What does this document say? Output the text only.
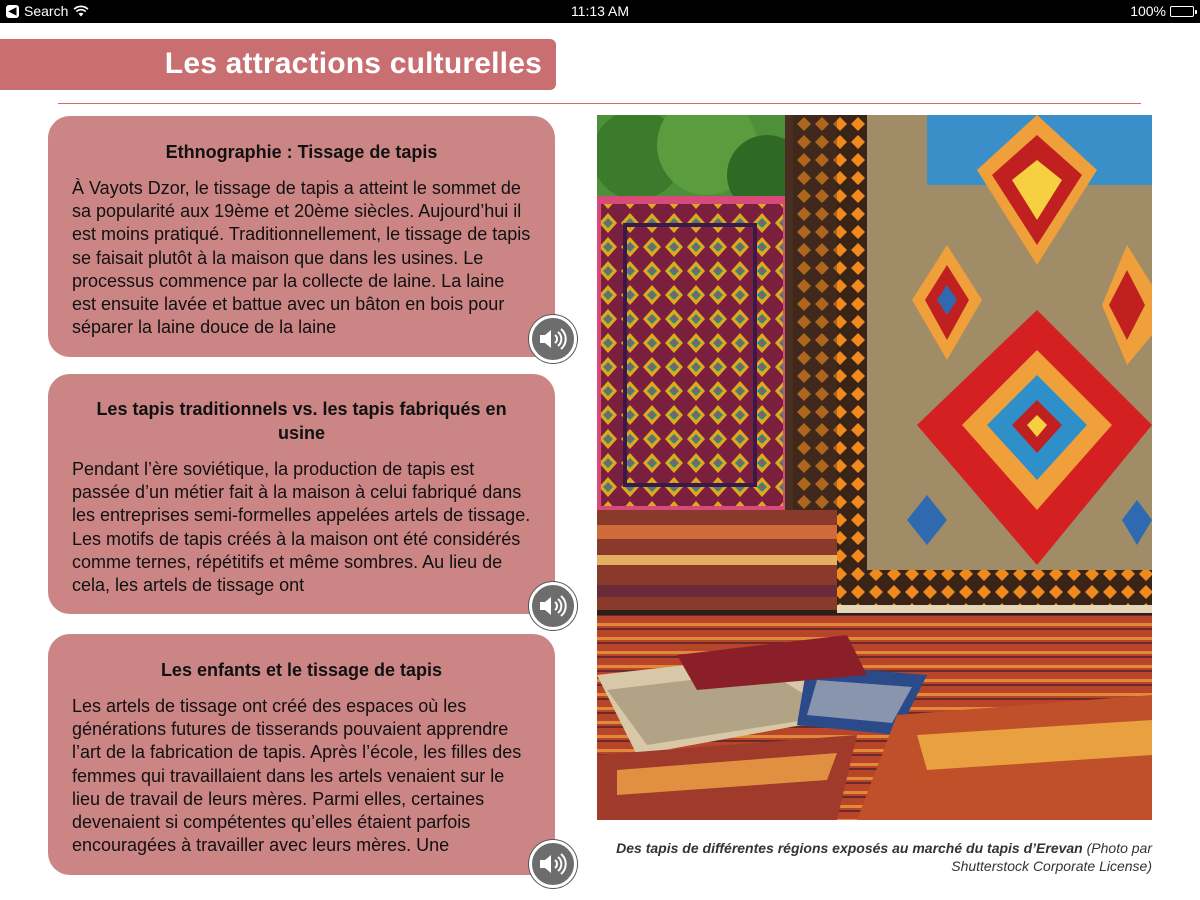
◀ Search	11:13 AM	100%
Les attractions culturelles
Ethnographie : Tissage de tapis

À Vayots Dzor, le tissage de tapis a atteint le sommet de sa popularité aux 19ème et 20ème siècles. Aujourd’hui il est moins pratiqué. Traditionnellement, le tissage de tapis se faisait plutôt à la maison que dans les usines. Le processus commence par la collecte de laine. La laine est ensuite lavée et battue avec un bâton en bois pour séparer la laine douce de la laine

Les tapis traditionnels vs. les tapis fabriqués en usine

Pendant l’ère soviétique, la production de tapis est passée d’un métier fait à la maison à celui fabriqué dans les entreprises semi-formelles appelées artels de tissage. Les motifs de tapis créés à la maison ont été considérés comme ternes, répétitifs et même sombres. Au lieu de cela, les artels de tissage ont

Les enfants et le tissage de tapis

Les artels de tissage ont créé des espaces où les générations futures de tisserands pouvaient apprendre l’art de la fabrication de tapis. Après l’école, les filles des femmes qui travaillaient dans les artels venaient sur le lieu de travail de leurs mères. Parmi elles, certaines devenaient si compétentes qu’elles étaient parfois encouragées à travailler avec leurs mères. Une	Des tapis de différentes régions exposés au marché du tapis d’Erevan (Photo par Shutterstock Corporate License)
